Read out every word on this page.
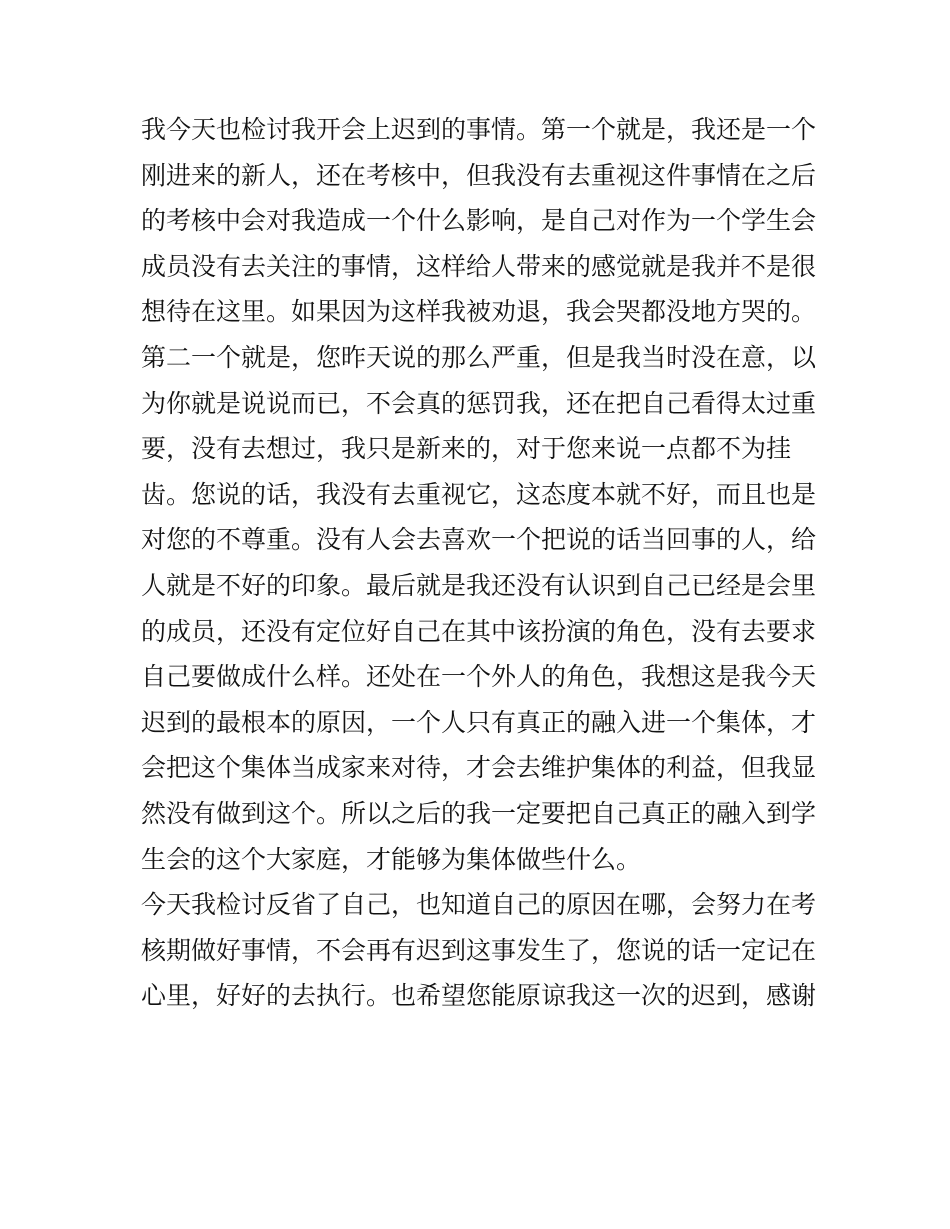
我今天也检讨我开会上迟到的事情。第一个就是，我还是一个
刚进来的新人，还在考核中，但我没有去重视这件事情在之后
的考核中会对我造成一个什么影响，是自己对作为一个学生会
成员没有去关注的事情，这样给人带来的感觉就是我并不是很
想待在这里。如果因为这样我被劝退，我会哭都没地方哭的。
第二一个就是，您昨天说的那么严重，但是我当时没在意，以
为你就是说说而已，不会真的惩罚我，还在把自己看得太过重
要，没有去想过，我只是新来的，对于您来说一点都不为挂
齿。您说的话，我没有去重视它，这态度本就不好，而且也是
对您的不尊重。没有人会去喜欢一个把说的话当回事的人，给
人就是不好的印象。最后就是我还没有认识到自己已经是会里
的成员，还没有定位好自己在其中该扮演的角色，没有去要求
自己要做成什么样。还处在一个外人的角色，我想这是我今天
迟到的最根本的原因，一个人只有真正的融入进一个集体，才
会把这个集体当成家来对待，才会去维护集体的利益，但我显
然没有做到这个。所以之后的我一定要把自己真正的融入到学
生会的这个大家庭，才能够为集体做些什么。
今天我检讨反省了自己，也知道自己的原因在哪，会努力在考
核期做好事情，不会再有迟到这事发生了，您说的话一定记在
心里，好好的去执行。也希望您能原谅我这一次的迟到，感谢
